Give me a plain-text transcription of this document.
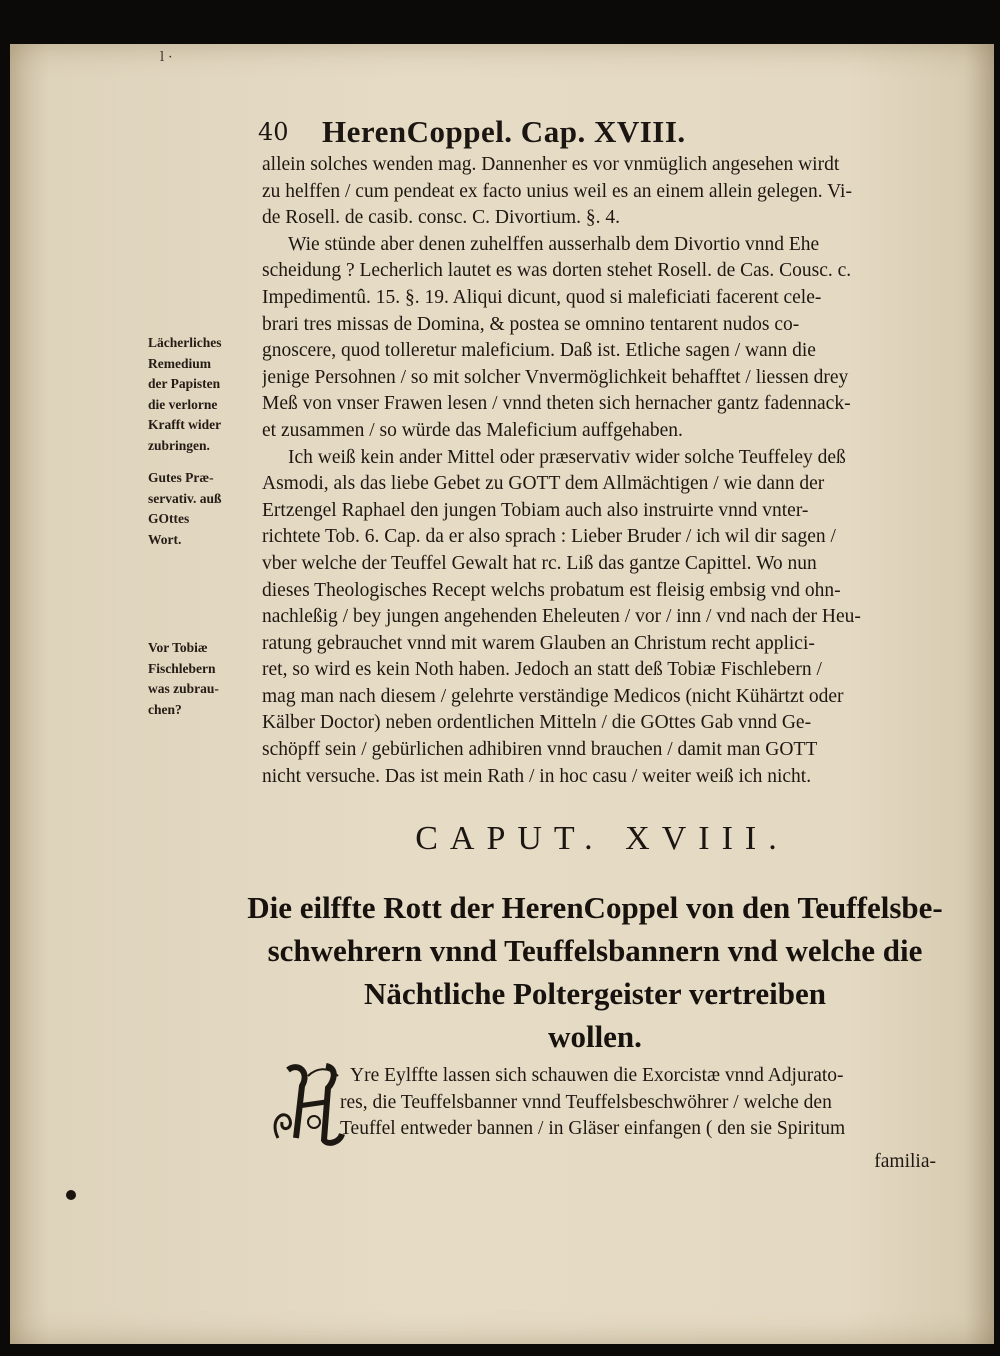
l ·
40 HerenCoppel. Cap. XVIII.
allein solches wenden mag. Dannenher es vor vnmüglich angesehen wirdt
zu helffen / cum pendeat ex facto unius weil es an einem allein gelegen. Vi-
de Rosell. de casib. consc. C. Divortium. §. 4.
Wie stünde aber denen zuhelffen ausserhalb dem Divortio vnnd Ehe
scheidung ? Lecherlich lautet es was dorten stehet Rosell. de Cas. Cousc. c.
Impedimentû. 15. §. 19. Aliqui dicunt, quod si maleficiati facerent cele-
brari tres missas de Domina, & postea se omnino tentarent nudos co-
gnoscere, quod tolleretur maleficium. Daß ist. Etliche sagen / wann die
jenige Persohnen / so mit solcher Vnvermöglichkeit behafftet / liessen drey
Meß von vnser Frawen lesen / vnnd theten sich hernacher gantz fadennack-
et zusammen / so würde das Maleficium auffgehaben.
Ich weiß kein ander Mittel oder præservativ wider solche Teuffeley deß
Asmodi, als das liebe Gebet zu GOTT dem Allmächtigen / wie dann der
Ertzengel Raphael den jungen Tobiam auch also instruirte vnnd vnter-
richtete Tob. 6. Cap. da er also sprach : Lieber Bruder / ich wil dir sagen /
vber welche der Teuffel Gewalt hat rc. Liß das gantze Capittel. Wo nun
dieses Theologisches Recept welchs probatum est fleisig embsig vnd ohn-
nachleßig / bey jungen angehenden Eheleuten / vor / inn / vnd nach der Heu-
ratung gebrauchet vnnd mit warem Glauben an Christum recht applici-
ret, so wird es kein Noth haben. Jedoch an statt deß Tobiæ Fischlebern /
mag man nach diesem / gelehrte verständige Medicos (nicht Kühärtzt oder
Kälber Doctor) neben ordentlichen Mitteln / die GOttes Gab vnnd Ge-
schöpff sein / gebürlichen adhibiren vnnd brauchen / damit man GOTT
nicht versuche. Das ist mein Rath / in hoc casu / weiter weiß ich nicht.
Lächerliches
Remedium
der Papisten
die verlorne
Krafft wider
zubringen.
Gutes Præ-
servativ. auß
GOttes
Wort.
Vor Tobiæ
Fischlebern
was zubrau-
chen?
CAPUT. XVIII.
Die eilffte Rott der HerenCoppel von den Teuffelsbe-
schwehrern vnnd Teuffelsbannern vnd welche die
Nächtliche Poltergeister vertreiben
wollen.
H
Yre Eylffte lassen sich schauwen die Exorcistæ vnnd Adjurato-
res, die Teuffelsbanner vnnd Teuffelsbeschwöhrer / welche den
Teuffel entweder bannen / in Gläser einfangen ( den sie Spiritum
familia-
